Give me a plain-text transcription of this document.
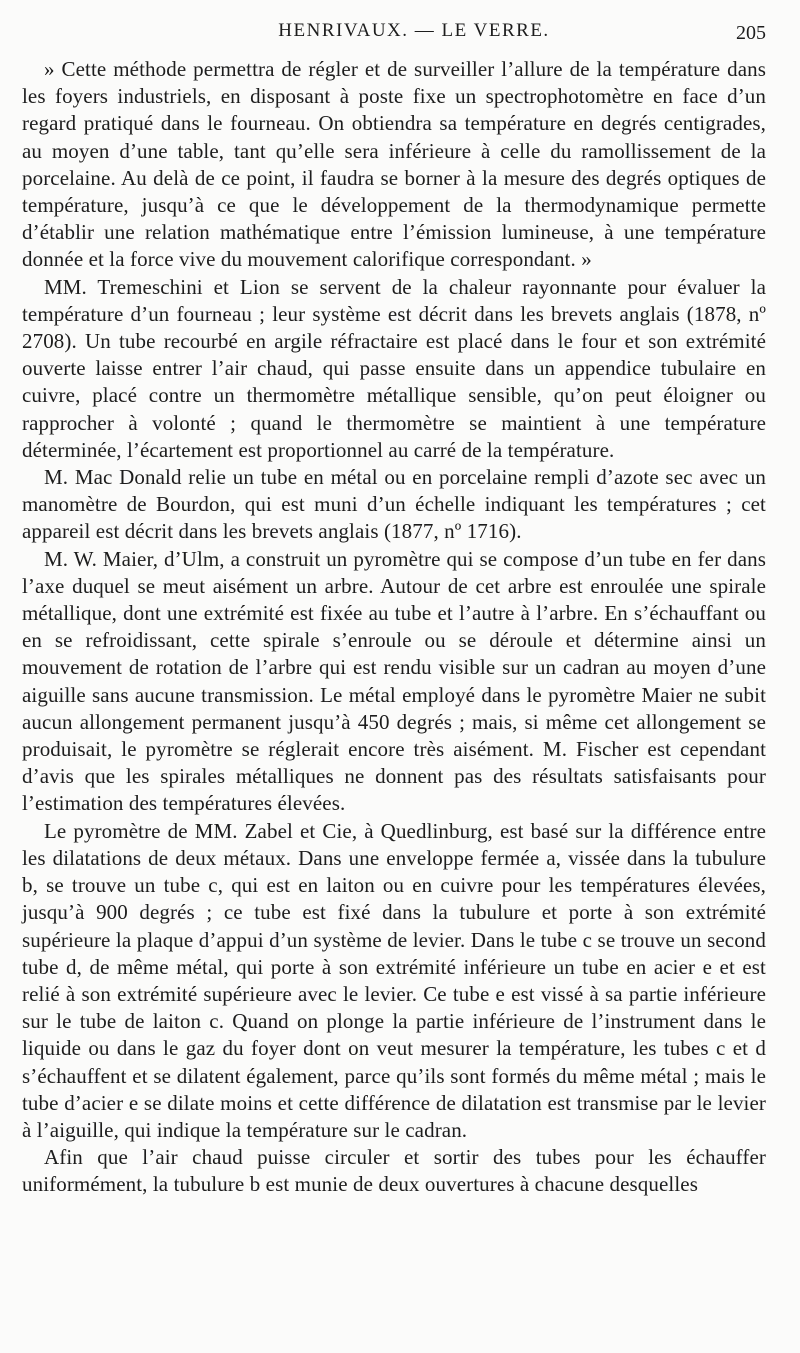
HENRIVAUX. — LE VERRE.	205

» Cette méthode permettra de régler et de surveiller l’allure de la température dans les foyers industriels, en disposant à poste fixe un spectrophotomètre en face d’un regard pratiqué dans le fourneau. On obtiendra sa température en degrés centigrades, au moyen d’une table, tant qu’elle sera inférieure à celle du ramollissement de la porcelaine. Au delà de ce point, il faudra se borner à la mesure des degrés optiques de température, jusqu’à ce que le développement de la thermodynamique permette d’établir une relation mathématique entre l’émission lumineuse, à une température donnée et la force vive du mouvement calorifique correspondant. »

MM. Tremeschini et Lion se servent de la chaleur rayonnante pour évaluer la température d’un fourneau ; leur système est décrit dans les brevets anglais (1878, nº 2708). Un tube recourbé en argile réfractaire est placé dans le four et son extrémité ouverte laisse entrer l’air chaud, qui passe ensuite dans un appendice tubulaire en cuivre, placé contre un thermomètre métallique sensible, qu’on peut éloigner ou rapprocher à volonté ; quand le thermomètre se maintient à une température déterminée, l’écartement est proportionnel au carré de la température.

M. Mac Donald relie un tube en métal ou en porcelaine rempli d’azote sec avec un manomètre de Bourdon, qui est muni d’un échelle indiquant les températures ; cet appareil est décrit dans les brevets anglais (1877, nº 1716).

M. W. Maier, d’Ulm, a construit un pyromètre qui se compose d’un tube en fer dans l’axe duquel se meut aisément un arbre. Autour de cet arbre est enroulée une spirale métallique, dont une extrémité est fixée au tube et l’autre à l’arbre. En s’échauffant ou en se refroidissant, cette spirale s’enroule ou se déroule et détermine ainsi un mouvement de rotation de l’arbre qui est rendu visible sur un cadran au moyen d’une aiguille sans aucune transmission. Le métal employé dans le pyromètre Maier ne subit aucun allongement permanent jusqu’à 450 degrés ; mais, si même cet allongement se produisait, le pyromètre se réglerait encore très aisément. M. Fischer est cependant d’avis que les spirales métalliques ne donnent pas des résultats satisfaisants pour l’estimation des températures élevées.

Le pyromètre de MM. Zabel et Cie, à Quedlinburg, est basé sur la différence entre les dilatations de deux métaux. Dans une enveloppe fermée a, vissée dans la tubulure b, se trouve un tube c, qui est en laiton ou en cuivre pour les températures élevées, jusqu’à 900 degrés ; ce tube est fixé dans la tubulure et porte à son extrémité supérieure la plaque d’appui d’un système de levier. Dans le tube c se trouve un second tube d, de même métal, qui porte à son extrémité inférieure un tube en acier e et est relié à son extrémité supérieure avec le levier. Ce tube e est vissé à sa partie inférieure sur le tube de laiton c. Quand on plonge la partie inférieure de l’instrument dans le liquide ou dans le gaz du foyer dont on veut mesurer la température, les tubes c et d s’échauffent et se dilatent également, parce qu’ils sont formés du même métal ; mais le tube d’acier e se dilate moins et cette différence de dilatation est transmise par le levier à l’aiguille, qui indique la température sur le cadran.

Afin que l’air chaud puisse circuler et sortir des tubes pour les échauffer uniformément, la tubulure b est munie de deux ouvertures à chacune desquelles
